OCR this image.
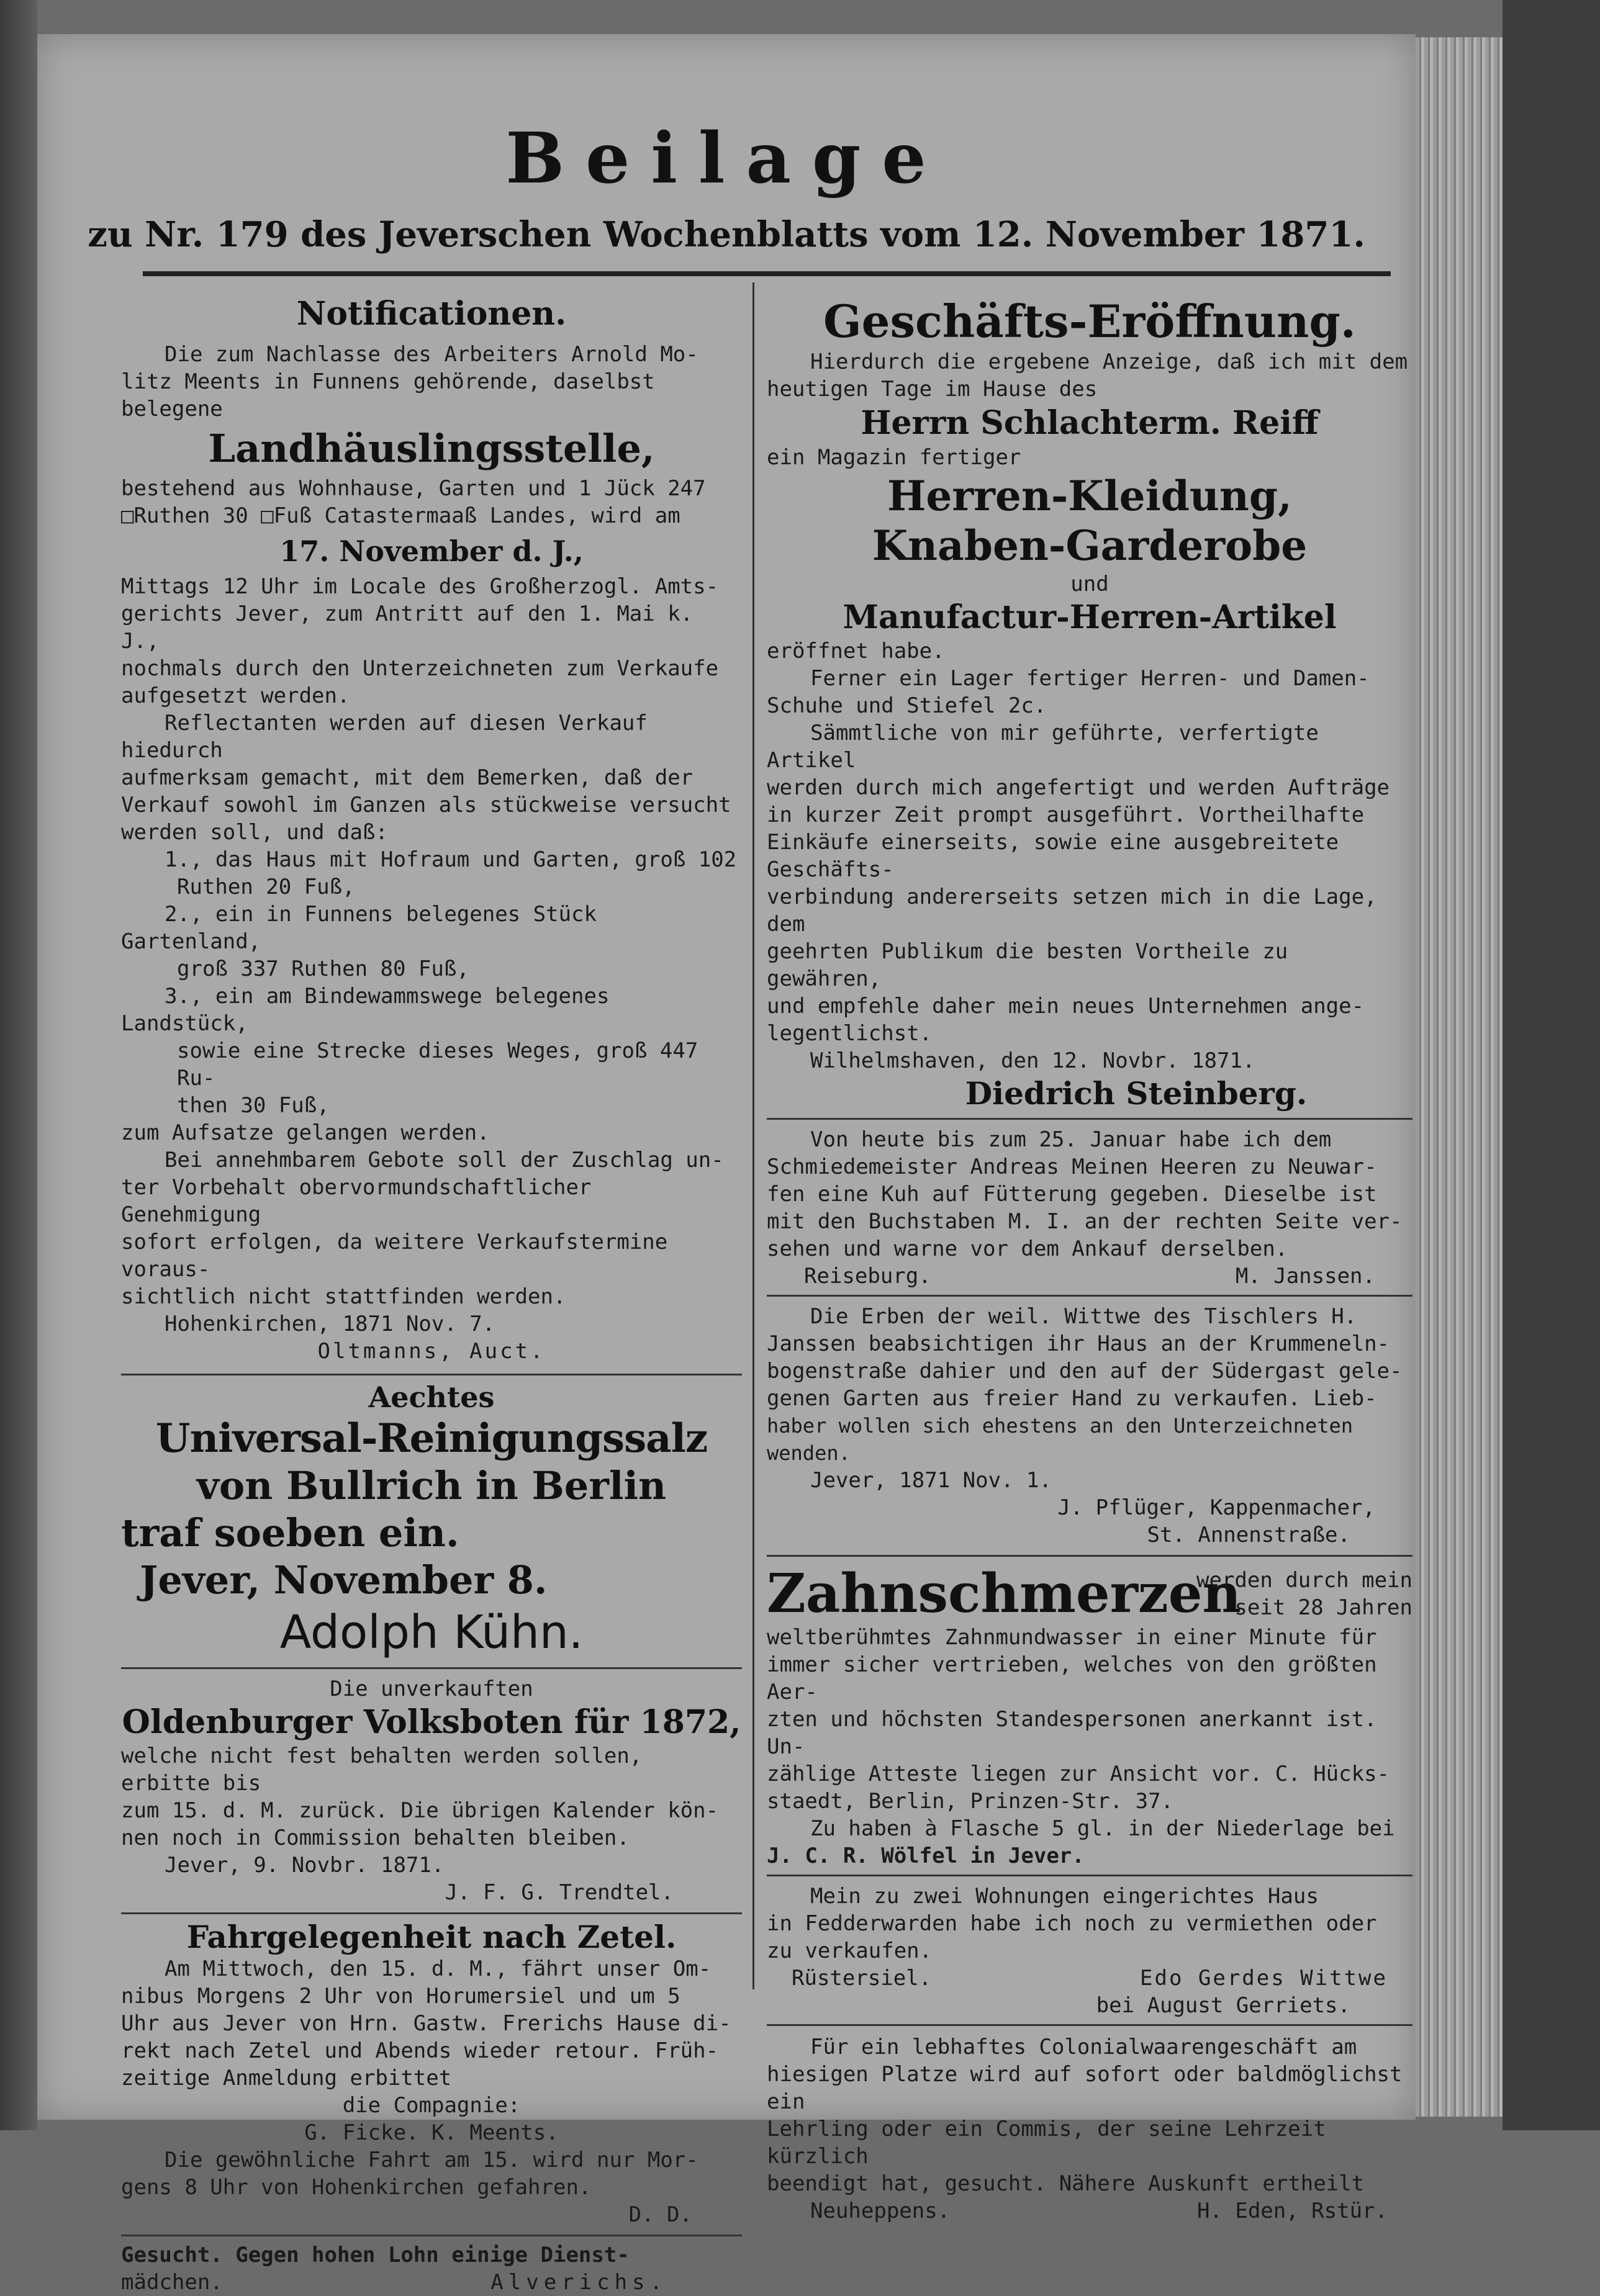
Beilage
zu Nr. 179 des Jeverschen Wochenblatts vom 12. November 1871.
Notificationen.

Die zum Nachlasse des Arbeiters Arnold Mo-

litz Meents in Funnens gehörende, daselbst belegene

Landhäuslingsstelle,

bestehend aus Wohnhause, Garten und 1 Jück 247

□Ruthen 30 □Fuß Catastermaaß Landes, wird am

17. November d. J.,

Mittags 12 Uhr im Locale des Großherzogl. Amts-

gerichts Jever, zum Antritt auf den 1. Mai k. J.,

nochmals durch den Unterzeichneten zum Verkaufe

aufgesetzt werden.

Reflectanten werden auf diesen Verkauf hiedurch

aufmerksam gemacht, mit dem Bemerken, daß der

Verkauf sowohl im Ganzen als stückweise versucht

werden soll, und daß:

1., das Haus mit Hofraum und Garten, groß 102

Ruthen 20 Fuß,

2., ein in Funnens belegenes Stück Gartenland,

groß 337 Ruthen 80 Fuß,

3., ein am Bindewammswege belegenes Landstück,

sowie eine Strecke dieses Weges, groß 447 Ru-

then 30 Fuß,

zum Aufsatze gelangen werden.

Bei annehmbarem Gebote soll der Zuschlag un-

ter Vorbehalt obervormundschaftlicher Genehmigung

sofort erfolgen, da weitere Verkaufstermine voraus-

sichtlich nicht stattfinden werden.

Hohenkirchen, 1871 Nov. 7.

Oltmanns, Auct.

Aechtes
Universal-Reinigungssalz
von Bullrich in Berlin
traf soeben ein.
Jever, November 8.
Adolph Kühn.

Die unverkauften

Oldenburger Volksboten für 1872,

welche nicht fest behalten werden sollen, erbitte bis

zum 15. d. M. zurück. Die übrigen Kalender kön-

nen noch in Commission behalten bleiben.

Jever, 9. Novbr. 1871.

J. F. G. Trendtel.

Fahrgelegenheit nach Zetel.

Am Mittwoch, den 15. d. M., fährt unser Om-

nibus Morgens 2 Uhr von Horumersiel und um 5

Uhr aus Jever von Hrn. Gastw. Frerichs Hause di-

rekt nach Zetel und Abends wieder retour. Früh-

zeitige Anmeldung erbittet

die Compagnie:

G. Ficke. K. Meents.

Die gewöhnliche Fahrt am 15. wird nur Mor-

gens 8 Uhr von Hohenkirchen gefahren.

D. D.

Gesucht. Gegen hohen Lohn einige Dienst-

mädchen.	Alverichs.

Geschäfts-Eröffnung.

Hierdurch die ergebene Anzeige, daß ich mit dem

heutigen Tage im Hause des

Herrn Schlachterm. Reiff

ein Magazin fertiger

Herren-Kleidung,
Knaben-Garderobe

und

Manufactur-Herren-Artikel

eröffnet habe.

Ferner ein Lager fertiger Herren- und Damen-

Schuhe und Stiefel 2c.

Sämmtliche von mir geführte, verfertigte Artikel

werden durch mich angefertigt und werden Aufträge

in kurzer Zeit prompt ausgeführt. Vortheilhafte

Einkäufe einerseits, sowie eine ausgebreitete Geschäfts-

verbindung andererseits setzen mich in die Lage, dem

geehrten Publikum die besten Vortheile zu gewähren,

und empfehle daher mein neues Unternehmen ange-

legentlichst.

Wilhelmshaven, den 12. Novbr. 1871.

Diedrich Steinberg.

Von heute bis zum 25. Januar habe ich dem

Schmiedemeister Andreas Meinen Heeren zu Neuwar-

fen eine Kuh auf Fütterung gegeben. Dieselbe ist

mit den Buchstaben M. I. an der rechten Seite ver-

sehen und warne vor dem Ankauf derselben.

Reiseburg.	M. Janssen.

Die Erben der weil. Wittwe des Tischlers H.

Janssen beabsichtigen ihr Haus an der Krummeneln-

bogenstraße dahier und den auf der Südergast gele-

genen Garten aus freier Hand zu verkaufen. Lieb-

haber wollen sich ehestens an den Unterzeichneten wenden.

Jever, 1871 Nov. 1.

J. Pflüger, Kappenmacher,

St. Annenstraße.

Zahnschmerzen

werden durch mein

seit 28 Jahren

weltberühmtes Zahnmundwasser in einer Minute für

immer sicher vertrieben, welches von den größten Aer-

zten und höchsten Standespersonen anerkannt ist. Un-

zählige Atteste liegen zur Ansicht vor. C. Hücks-

staedt, Berlin, Prinzen-Str. 37.

Zu haben à Flasche 5 gl. in der Niederlage bei

J. C. R. Wölfel in Jever.

Mein zu zwei Wohnungen eingerichtes Haus

in Fedderwarden habe ich noch zu vermiethen oder

zu verkaufen.

Rüstersiel.	Edo Gerdes Wittwe

bei August Gerriets.

Für ein lebhaftes Colonialwaarengeschäft am

hiesigen Platze wird auf sofort oder baldmöglichst ein

Lehrling oder ein Commis, der seine Lehrzeit kürzlich

beendigt hat, gesucht. Nähere Auskunft ertheilt

Neuheppens.	H. Eden, Rstür.
